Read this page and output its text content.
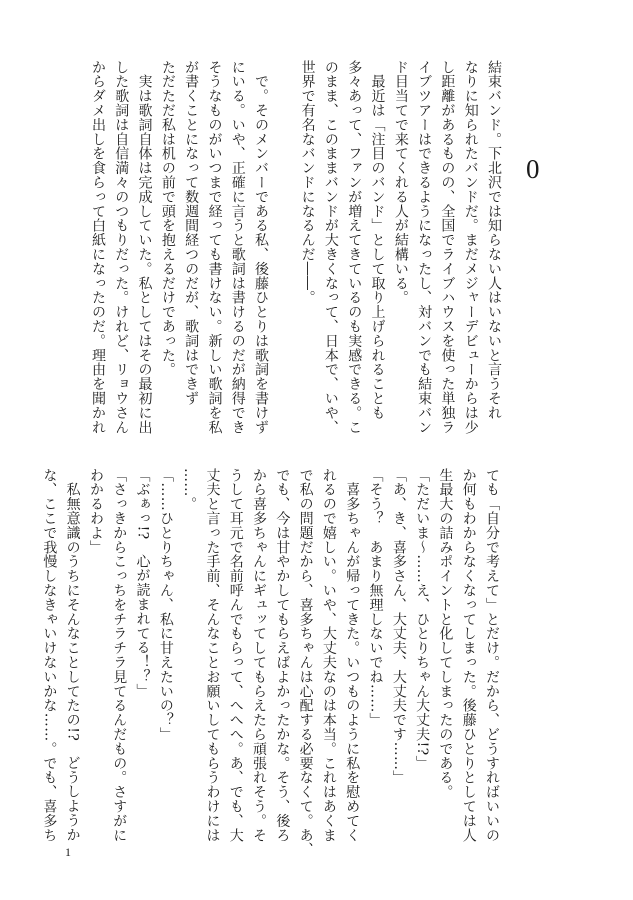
0
結束バンド。下北沢では知らない人はいないと言うそれ
なりに知られたバンドだ。まだメジャーデビューからは少
し距離があるものの、全国でライブハウスを使った単独ラ
イブツアーはできるようになったし、対バンでも結束バン
ド目当てで来てくれる人が結構いる。
　最近は「注目のバンド」として取り上げられることも
多々あって、ファンが増えてきているのも実感できる。こ
のまま、このままバンドが大きくなって、日本で、いや、
世界で有名なバンドになるんだ――。

　で。そのメンバーである私、後藤ひとりは歌詞を書けず
にいる。いや、正確に言うと歌詞は書けるのだが納得でき
そうなものがいつまで経っても書けない。新しい歌詞を私
が書くことになって数週間経つのだが、歌詞はできず
ただただ私は机の前で頭を抱えるだけであった。
　実は歌詞自体は完成していた。私としてはその最初に出
した歌詞は自信満々のつもりだった。けれど、リョウさん
からダメ出しを食らって白紙になったのだ。理由を聞かれ
ても「自分で考えて」とだけ。だから、どうすればいいの
か何もわからなくなってしまった。後藤ひとりとしては人
生最大の詰みポイントと化してしまったのである。
「ただいま～……え、ひとりちゃん大丈夫!?」
「あ、き、喜多さん、大丈夫、大丈夫です……」
「そう？　あまり無理しないでね……」
　喜多ちゃんが帰ってきた。いつものように私を慰めてく
れるので嬉しい。いや、大丈夫なのは本当。これはあくま
で私の問題だから、喜多ちゃんは心配する必要なくて。あ、
でも、今は甘やかしてもらえばよかったかな。そう、後ろ
から喜多ちゃんにギュッてしてもらえたら頑張れそう。そ
うして耳元で名前呼んでもらって、へへへ。あ、でも、大
丈夫と言った手前、そんなことお願いしてもらうわけには
……。
「……ひとりちゃん、私に甘えたいの？」
「ぶぁっ!?　心が読まれてる！？」
「さっきからこっちをチラチラ見てるんだもの。さすがに
わかるわよ」
　私無意識のうちにそんなことしてたの!?　どうしようか
な、ここで我慢しなきゃいけないかな……。でも、喜多ち
1
